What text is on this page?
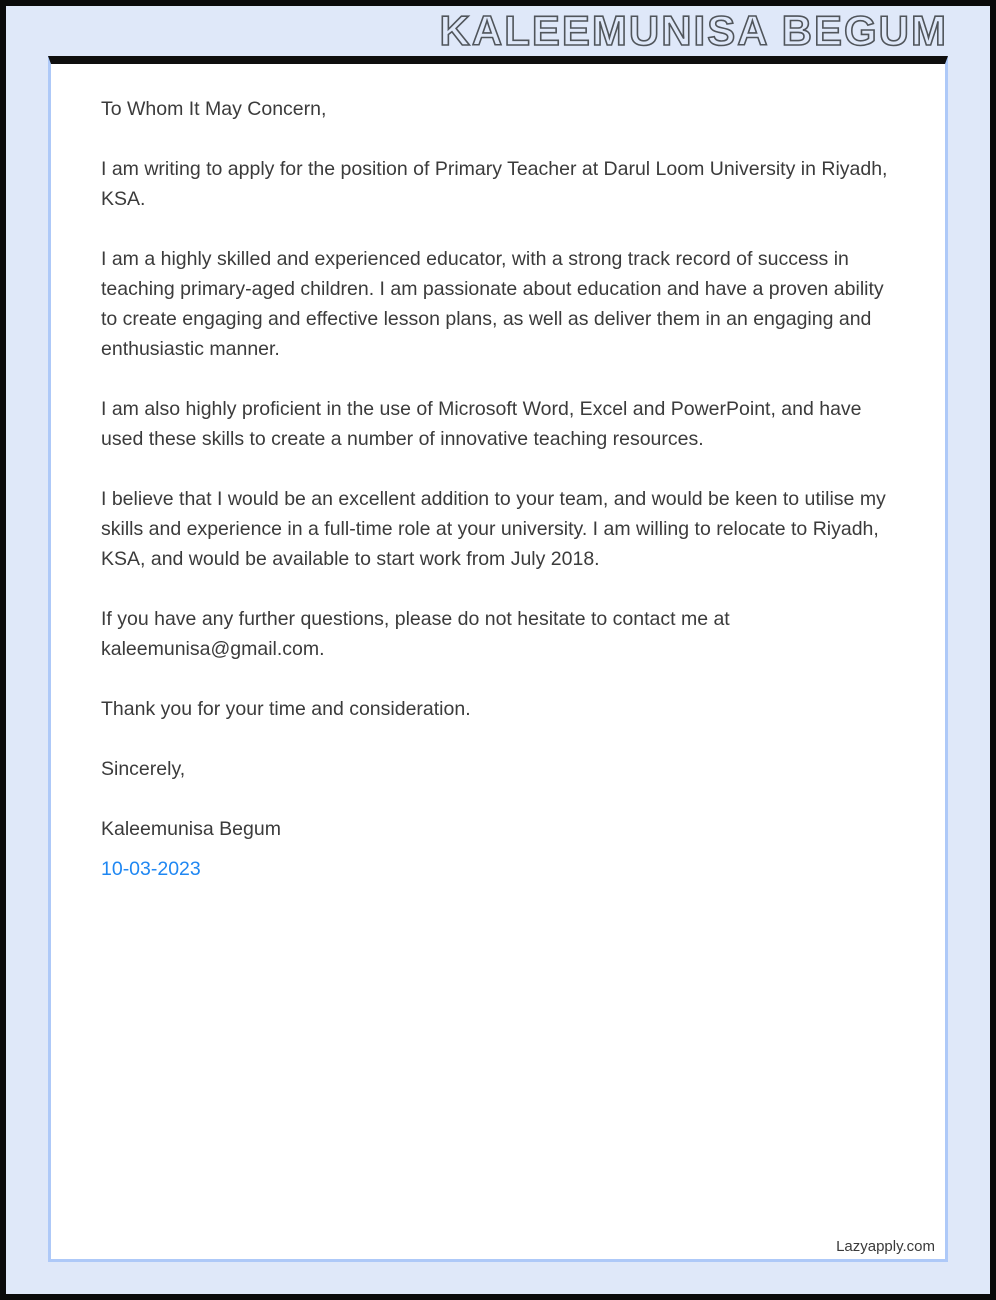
KALEEMUNISA BEGUM

To Whom It May Concern,

I am writing to apply for the position of Primary Teacher at Darul Loom University in Riyadh, KSA.

I am a highly skilled and experienced educator, with a strong track record of success in teaching primary-aged children. I am passionate about education and have a proven ability to create engaging and effective lesson plans, as well as deliver them in an engaging and enthusiastic manner.

I am also highly proficient in the use of Microsoft Word, Excel and PowerPoint, and have used these skills to create a number of innovative teaching resources.

I believe that I would be an excellent addition to your team, and would be keen to utilise my skills and experience in a full-time role at your university. I am willing to relocate to Riyadh, KSA, and would be available to start work from July 2018.

If you have any further questions, please do not hesitate to contact me at kaleemunisa@gmail.com.

Thank you for your time and consideration.

Sincerely,

Kaleemunisa Begum

10-03-2023

Lazyapply.com
